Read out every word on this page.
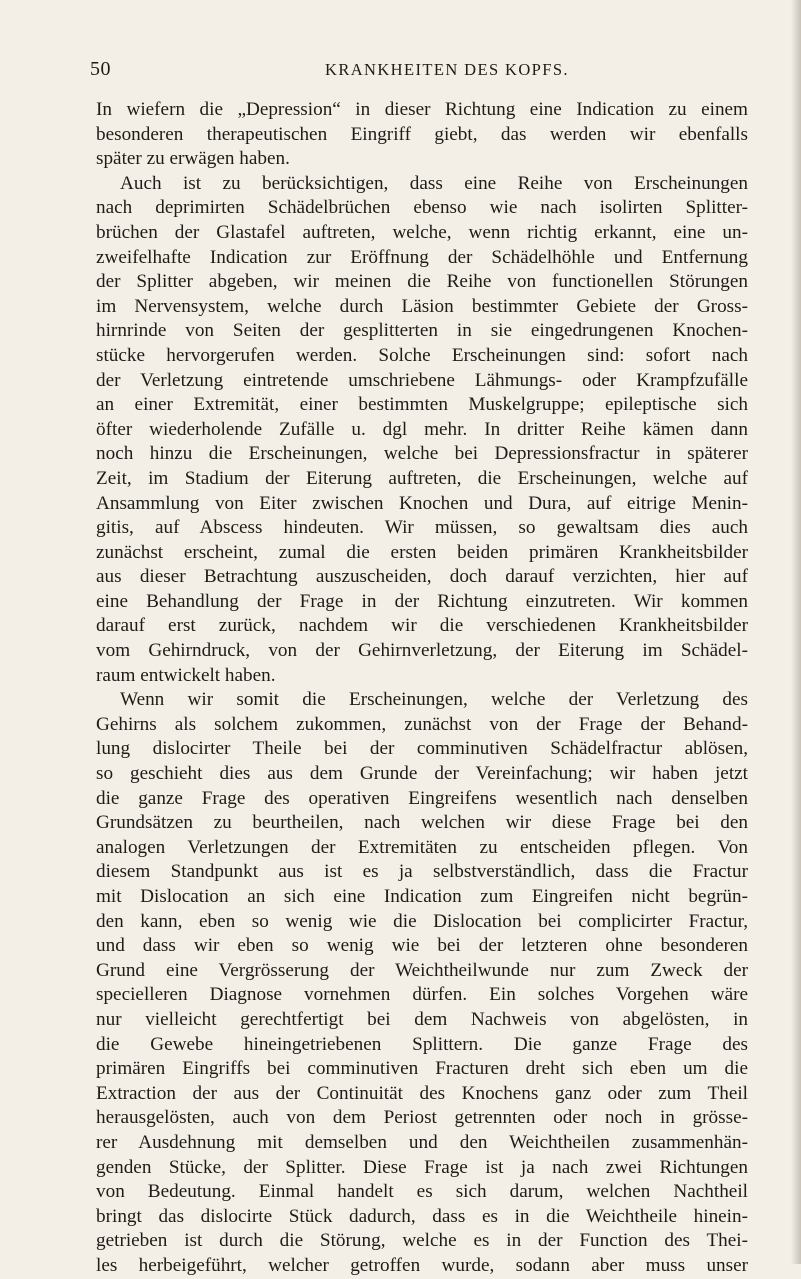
50	KRANKHEITEN DES KOPFS.
In wiefern die „Depression“ in dieser Richtung eine Indication zu einem
besonderen therapeutischen Eingriff giebt, das werden wir ebenfalls
später zu erwägen haben.
Auch ist zu berücksichtigen, dass eine Reihe von Erscheinungen
nach deprimirten Schädelbrüchen ebenso wie nach isolirten Splitter-
brüchen der Glastafel auftreten, welche, wenn richtig erkannt, eine un-
zweifelhafte Indication zur Eröffnung der Schädelhöhle und Entfernung
der Splitter abgeben, wir meinen die Reihe von functionellen Störungen
im Nervensystem, welche durch Läsion bestimmter Gebiete der Gross-
hirnrinde von Seiten der gesplitterten in sie eingedrungenen Knochen-
stücke hervorgerufen werden. Solche Erscheinungen sind: sofort nach
der Verletzung eintretende umschriebene Lähmungs- oder Krampfzufälle
an einer Extremität, einer bestimmten Muskelgruppe; epileptische sich
öfter wiederholende Zufälle u. dgl mehr. In dritter Reihe kämen dann
noch hinzu die Erscheinungen, welche bei Depressionsfractur in späterer
Zeit, im Stadium der Eiterung auftreten, die Erscheinungen, welche auf
Ansammlung von Eiter zwischen Knochen und Dura, auf eitrige Menin-
gitis, auf Abscess hindeuten. Wir müssen, so gewaltsam dies auch
zunächst erscheint, zumal die ersten beiden primären Krankheitsbilder
aus dieser Betrachtung auszuscheiden, doch darauf verzichten, hier auf
eine Behandlung der Frage in der Richtung einzutreten. Wir kommen
darauf erst zurück, nachdem wir die verschiedenen Krankheitsbilder
vom Gehirndruck, von der Gehirnverletzung, der Eiterung im Schädel-
raum entwickelt haben.
Wenn wir somit die Erscheinungen, welche der Verletzung des
Gehirns als solchem zukommen, zunächst von der Frage der Behand-
lung dislocirter Theile bei der comminutiven Schädelfractur ablösen,
so geschieht dies aus dem Grunde der Vereinfachung; wir haben jetzt
die ganze Frage des operativen Eingreifens wesentlich nach denselben
Grundsätzen zu beurtheilen, nach welchen wir diese Frage bei den
analogen Verletzungen der Extremitäten zu entscheiden pflegen. Von
diesem Standpunkt aus ist es ja selbstverständlich, dass die Fractur
mit Dislocation an sich eine Indication zum Eingreifen nicht begrün-
den kann, eben so wenig wie die Dislocation bei complicirter Fractur,
und dass wir eben so wenig wie bei der letzteren ohne besonderen
Grund eine Vergrösserung der Weichtheilwunde nur zum Zweck der
specielleren Diagnose vornehmen dürfen. Ein solches Vorgehen wäre
nur vielleicht gerechtfertigt bei dem Nachweis von abgelösten, in
die Gewebe hineingetriebenen Splittern. Die ganze Frage des
primären Eingriffs bei comminutiven Fracturen dreht sich eben um die
Extraction der aus der Continuität des Knochens ganz oder zum Theil
herausgelösten, auch von dem Periost getrennten oder noch in grösse-
rer Ausdehnung mit demselben und den Weichtheilen zusammenhän-
genden Stücke, der Splitter. Diese Frage ist ja nach zwei Richtungen
von Bedeutung. Einmal handelt es sich darum, welchen Nachtheil
bringt das dislocirte Stück dadurch, dass es in die Weichtheile hinein-
getrieben ist durch die Störung, welche es in der Function des Thei-
les herbeigeführt, welcher getroffen wurde, sodann aber muss unser
